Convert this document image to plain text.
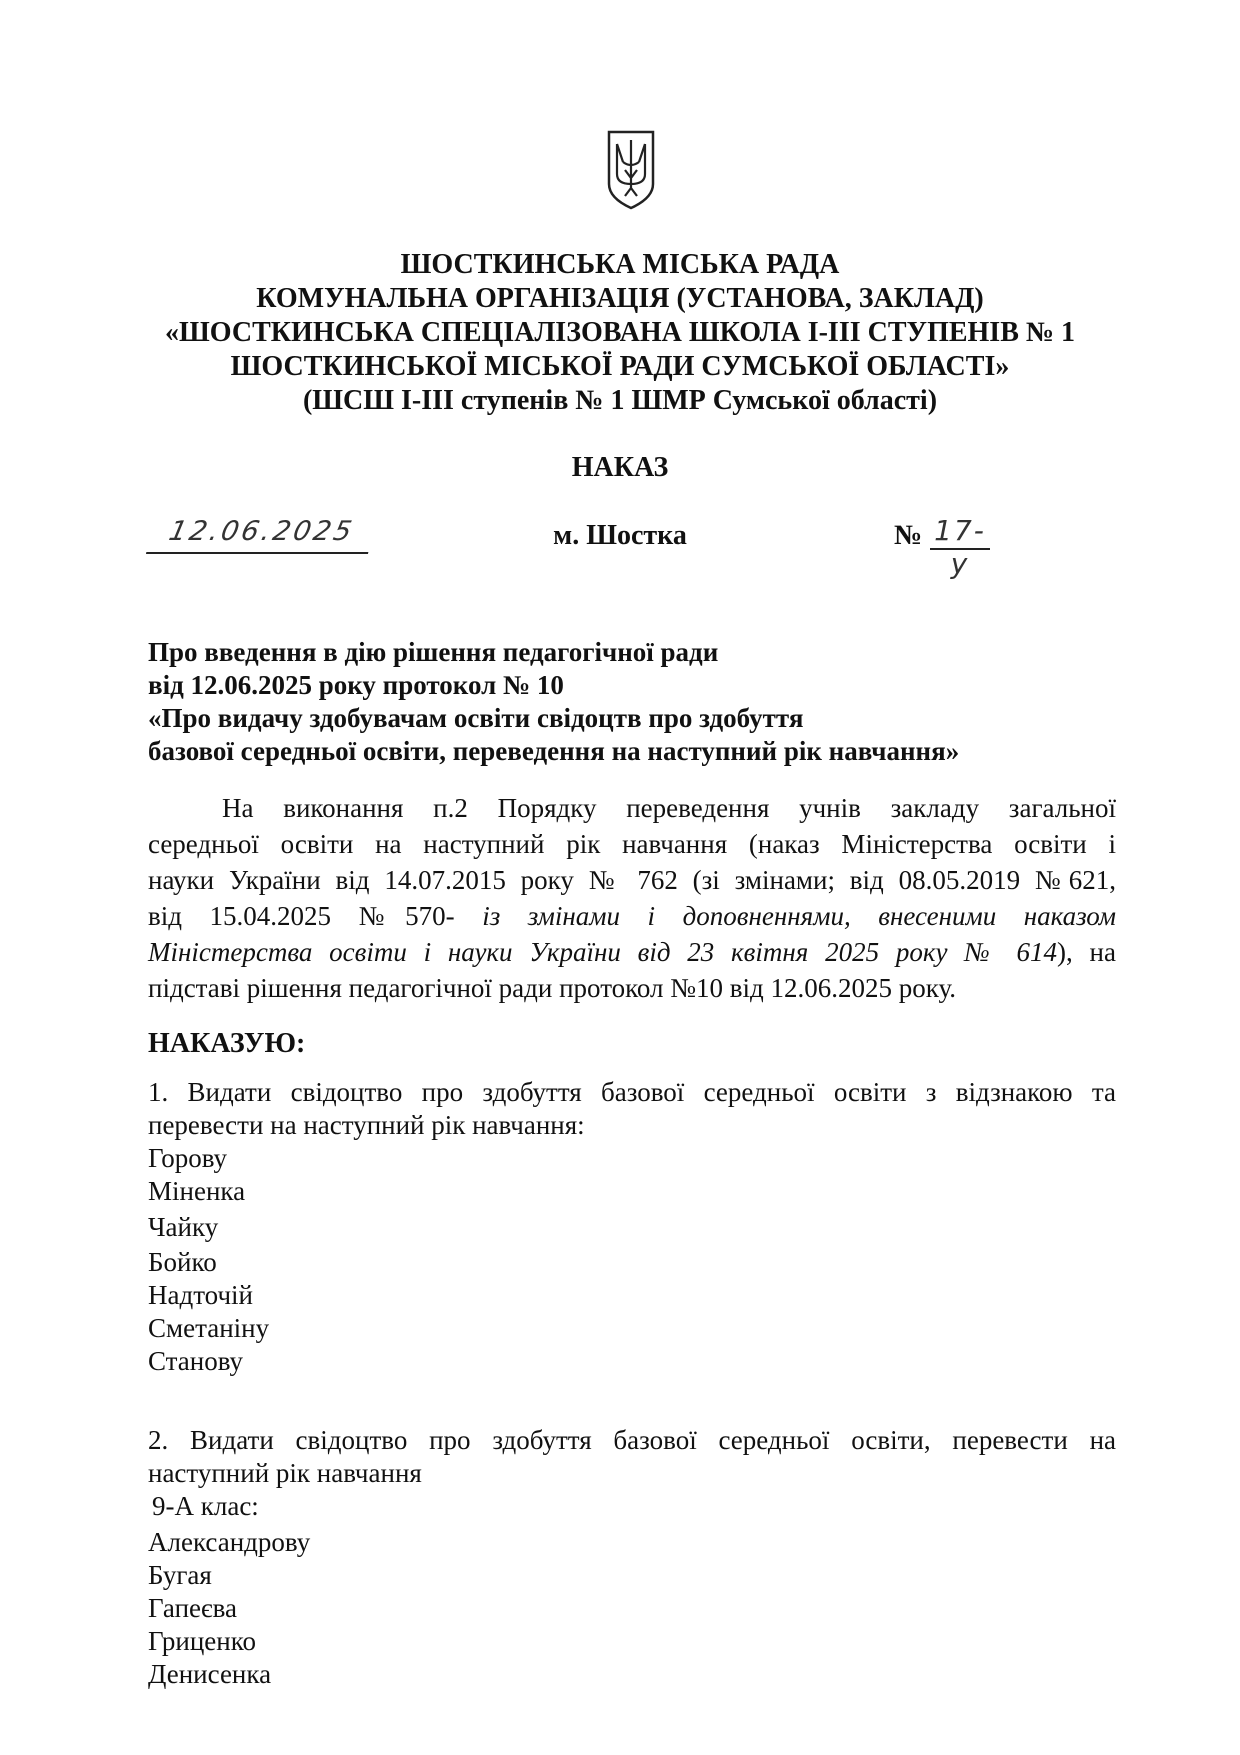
ШОСТКИНСЬКА МІСЬКА РАДА
КОМУНАЛЬНА ОРГАНІЗАЦІЯ (УСТАНОВА, ЗАКЛАД)
«ШОСТКИНСЬКА СПЕЦІАЛІЗОВАНА ШКОЛА І-ІІІ СТУПЕНІВ № 1
ШОСТКИНСЬКОЇ МІСЬКОЇ РАДИ СУМСЬКОЇ ОБЛАСТІ»
(ШСШ І-ІІІ ступенів № 1 ШМР Сумської області)
НАКАЗ
12.06.2025	м. Шостка	№ 17-у
Про введення в дію рішення педагогічної ради
від 12.06.2025 року протокол № 10
«Про видачу здобувачам освіти свідоцтв про здобуття
базової середньої освіти, переведення на наступний рік навчання»

На виконання п.2 Порядку переведення учнів закладу загальної

середньої освіти на наступний рік навчання (наказ Міністерства освіти і

науки України від 14.07.2015 року № 762 (зі змінами; від 08.05.2019 №621,

від 15.04.2025 №570- із змінами і доповненнями, внесеними наказом

Міністерства освіти і науки України від 23 квітня 2025 року № 614), на

підставі рішення педагогічної ради протокол №10 від 12.06.2025 року.

НАКАЗУЮ:

1. Видати свідоцтво про здобуття базової середньої освіти з відзнакою та

перевести на наступний рік навчання:

Горову
Міненка
Чайку
Бойко
Надточій
Сметаніну
Станову

2. Видати свідоцтво про здобуття базової середньої освіти, перевести на

наступний рік навчання

9-А клас:
Александрову
Бугая
Гапеєва
Гриценко
Денисенка
